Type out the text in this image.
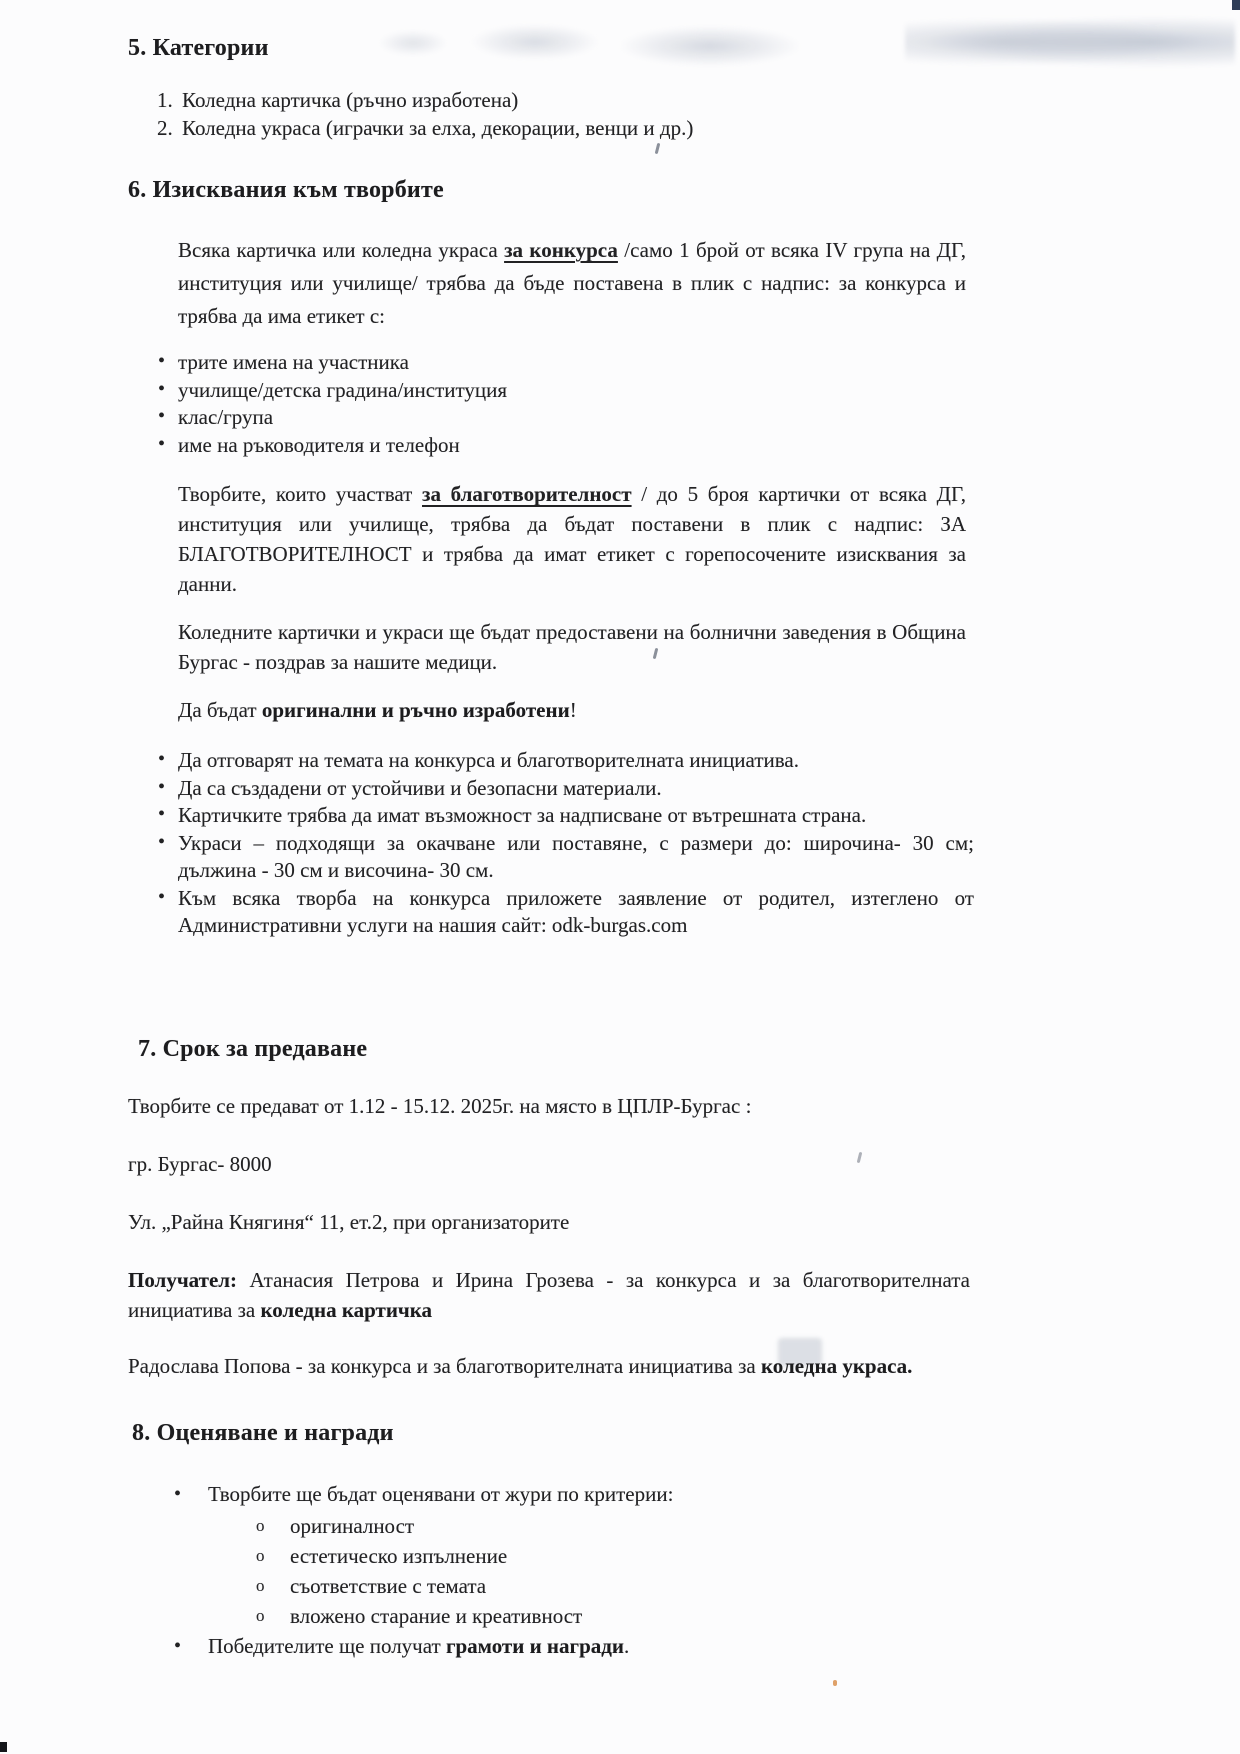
5. Категории
1. Коледна картичка (ръчно изработена)
2. Коледна украса (играчки за елха, декорации, венци и др.)
6. Изисквания към творбите

Всяка картичка или коледна украса за конкурса /само 1 брой от всяка IV група на ДГ, институция или училище/ трябва да бъде поставена в плик с надпис: за конкурса и трябва да има етикет с:

• трите имена на участника
• училище/детска градина/институция
• клас/група
• име на ръководителя и телефон

Творбите, които участват за благотворителност / до 5 броя картички от всяка ДГ, институция или училище, трябва да бъдат поставени в плик с надпис: ЗА БЛАГОТВОРИТЕЛНОСТ и трябва да имат етикет с горепосочените изисквания за данни.

Коледните картички и украси ще бъдат предоставени на болнични заведения в Община Бургас - поздрав за нашите медици.

Да бъдат оригинални и ръчно изработени!

• Да отговарят на темата на конкурса и благотворителната инициатива.
• Да са създадени от устойчиви и безопасни материали.
• Картичките трябва да имат възможност за надписване от вътрешната страна.
• Украси – подходящи за окачване или поставяне, с размери до: широчина- 30 см; дължина - 30 см и височина- 30 см.
• Към всяка творба на конкурса приложете заявление от родител, изтеглено от Административни услуги на нашия сайт: odk-burgas.com
7. Срок за предаване

Творбите се предават от 1.12 - 15.12. 2025г. на място в ЦПЛР-Бургас :

гр. Бургас- 8000

Ул. „Райна Княгиня“ 11, ет.2, при организаторите

Получател: Атанасия Петрова и Ирина Грозева - за конкурса и за благотворителната инициатива за коледна картичка

Радослава Попова - за конкурса и за благотворителната инициатива за коледна украса.

8. Оценяване и награди
• Творбите ще бъдат оценявани от жури по критерии:
o оригиналност
o естетическо изпълнение
o съответствие с темата
o вложено старание и креативност
• Победителите ще получат грамоти и награди.
